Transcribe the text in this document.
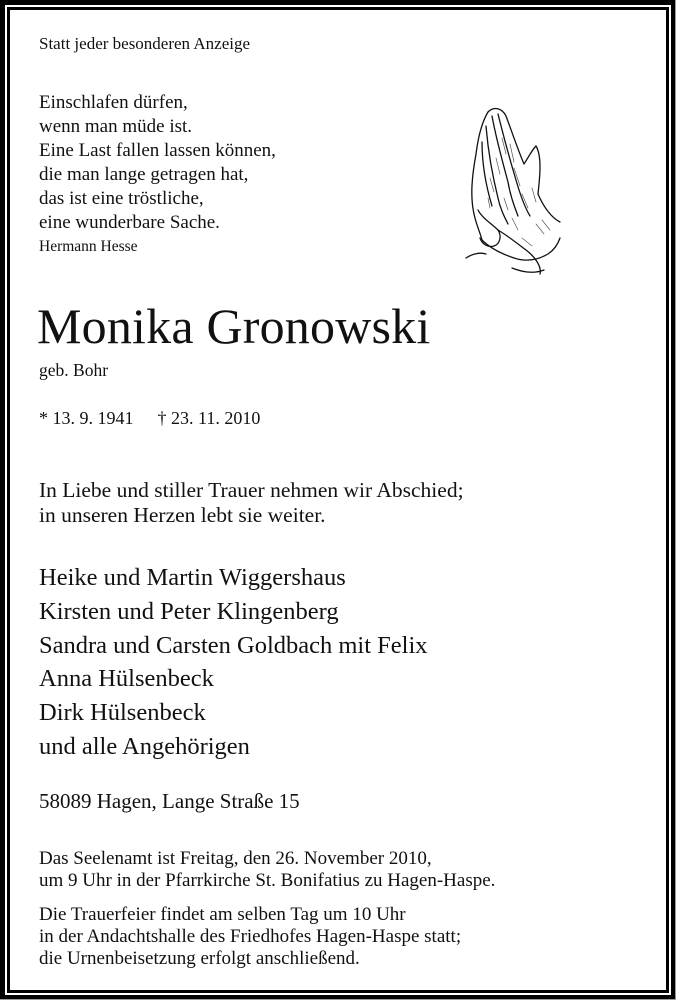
Statt jeder besonderen Anzeige
Einschlafen dürfen,
wenn man müde ist.
Eine Last fallen lassen können,
die man lange getragen hat,
das ist eine tröstliche,
eine wunderbare Sache.
Hermann Hesse
Monika Gronowski
geb. Bohr
* 13. 9. 1941 † 23. 11. 2010
In Liebe und stiller Trauer nehmen wir Abschied;
in unseren Herzen lebt sie weiter.
Heike und Martin Wiggershaus
Kirsten und Peter Klingenberg
Sandra und Carsten Goldbach mit Felix
Anna Hülsenbeck
Dirk Hülsenbeck
und alle Angehörigen
58089 Hagen, Lange Straße 15
Das Seelenamt ist Freitag, den 26. November 2010,
um 9 Uhr in der Pfarrkirche St. Bonifatius zu Hagen-Haspe.
Die Trauerfeier findet am selben Tag um 10 Uhr
in der Andachtshalle des Friedhofes Hagen-Haspe statt;
die Urnenbeisetzung erfolgt anschließend.
